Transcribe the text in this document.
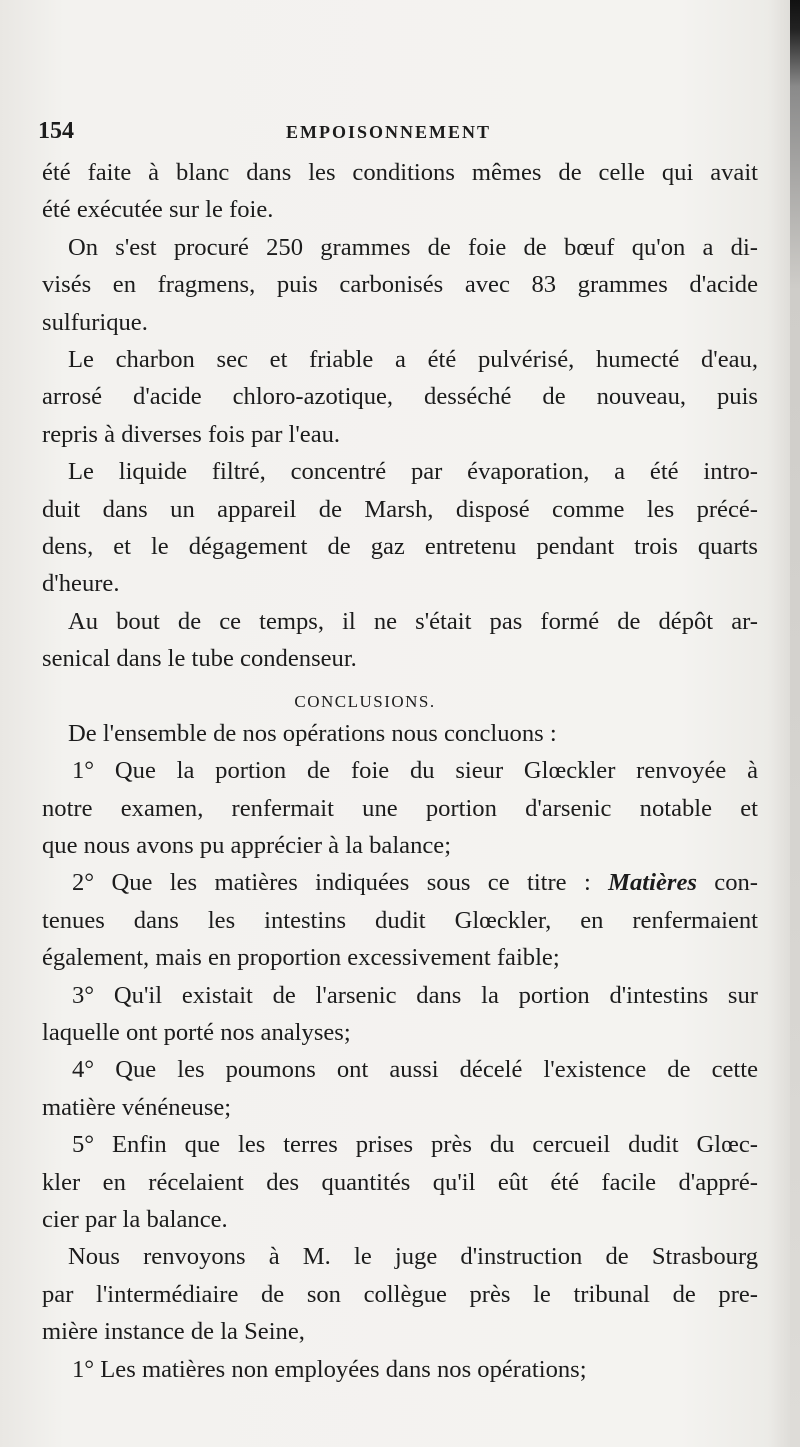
154	EMPOISONNEMENT
été faite à blanc dans les conditions mêmes de celle qui avait
été exécutée sur le foie.
On s'est procuré 250 grammes de foie de bœuf qu'on a di-
visés en fragmens, puis carbonisés avec 83 grammes d'acide
sulfurique.
Le charbon sec et friable a été pulvérisé, humecté d'eau,
arrosé d'acide chloro-azotique, desséché de nouveau, puis
repris à diverses fois par l'eau.
Le liquide filtré, concentré par évaporation, a été intro-
duit dans un appareil de Marsh, disposé comme les précé-
dens, et le dégagement de gaz entretenu pendant trois quarts
d'heure.
Au bout de ce temps, il ne s'était pas formé de dépôt ar-
senical dans le tube condenseur.
CONCLUSIONS.
De l'ensemble de nos opérations nous concluons :
1° Que la portion de foie du sieur Glœckler renvoyée à
notre examen, renfermait une portion d'arsenic notable et
que nous avons pu apprécier à la balance;
2° Que les matières indiquées sous ce titre : Matières con-
tenues dans les intestins dudit Glœckler, en renfermaient
également, mais en proportion excessivement faible;
3° Qu'il existait de l'arsenic dans la portion d'intestins sur
laquelle ont porté nos analyses;
4° Que les poumons ont aussi décelé l'existence de cette
matière vénéneuse;
5° Enfin que les terres prises près du cercueil dudit Glœc-
kler en récelaient des quantités qu'il eût été facile d'appré-
cier par la balance.
Nous renvoyons à M. le juge d'instruction de Strasbourg
par l'intermédiaire de son collègue près le tribunal de pre-
mière instance de la Seine,
1° Les matières non employées dans nos opérations;
